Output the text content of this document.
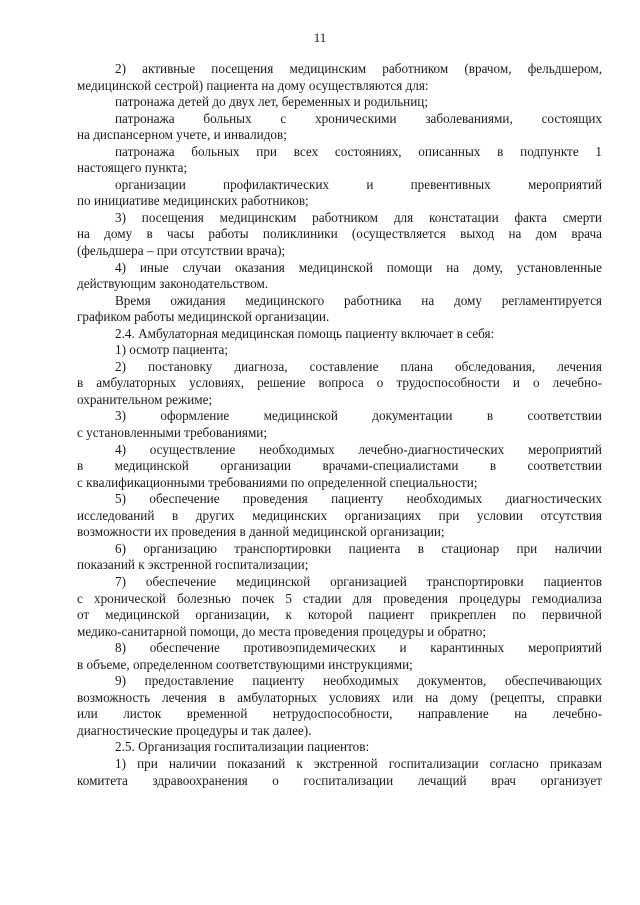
11
2) активные посещения медицинским работником (врачом, фельдшером,
медицинской сестрой) пациента на дому осуществляются для:
патронажа детей до двух лет, беременных и родильниц;
патронажа больных с хроническими заболеваниями, состоящих
на диспансерном учете, и инвалидов;
патронажа больных при всех состояниях, описанных в подпункте 1
настоящего пункта;
организации профилактических и превентивных мероприятий
по инициативе медицинских работников;
3) посещения медицинским работником для констатации факта смерти
на дому в часы работы поликлиники (осуществляется выход на дом врача
(фельдшера – при отсутствии врача);
4) иные случаи оказания медицинской помощи на дому, установленные
действующим законодательством.
Время ожидания медицинского работника на дому регламентируется
графиком работы медицинской организации.
2.4. Амбулаторная медицинская помощь пациенту включает в себя:
1) осмотр пациента;
2) постановку диагноза, составление плана обследования, лечения
в амбулаторных условиях, решение вопроса о трудоспособности и о лечебно-
охранительном режиме;
3) оформление медицинской документации в соответствии
с установленными требованиями;
4) осуществление необходимых лечебно-диагностических мероприятий
в медицинской организации врачами-специалистами в соответствии
с квалификационными требованиями по определенной специальности;
5) обеспечение проведения пациенту необходимых диагностических
исследований в других медицинских организациях при условии отсутствия
возможности их проведения в данной медицинской организации;
6) организацию транспортировки пациента в стационар при наличии
показаний к экстренной госпитализации;
7) обеспечение медицинской организацией транспортировки пациентов
с хронической болезнью почек 5 стадии для проведения процедуры гемодиализа
от медицинской организации, к которой пациент прикреплен по первичной
медико-санитарной помощи, до места проведения процедуры и обратно;
8) обеспечение противоэпидемических и карантинных мероприятий
в объеме, определенном соответствующими инструкциями;
9) предоставление пациенту необходимых документов, обеспечивающих
возможность лечения в амбулаторных условиях или на дому (рецепты, справки
или листок временной нетрудоспособности, направление на лечебно-
диагностические процедуры и так далее).
2.5. Организация госпитализации пациентов:
1) при наличии показаний к экстренной госпитализации согласно приказам
комитета здравоохранения о госпитализации лечащий врач организует
